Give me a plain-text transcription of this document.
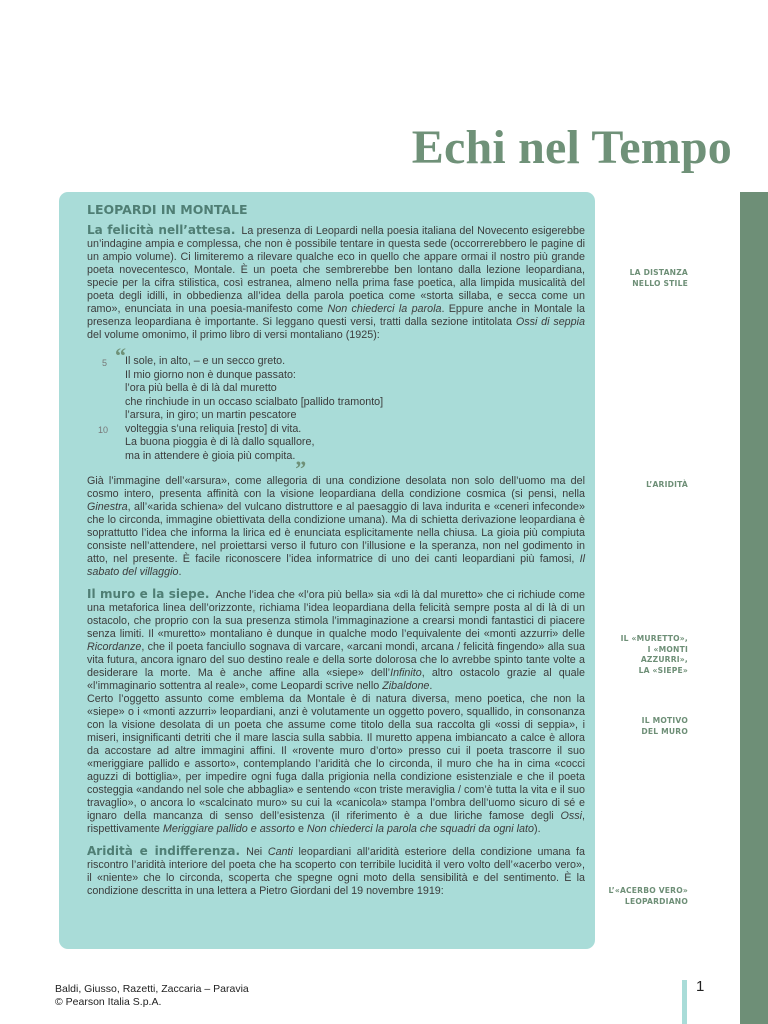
Echi nel Tempo
LEOPARDI IN MONTALE

La felicità nell’attesa. La presenza di Leopardi nella poesia italiana del Novecento esigerebbe un’indagine ampia e complessa, che non è possibile tentare in questa sede (occorrerebbero le pagine di un ampio volume). Ci limiteremo a rilevare qualche eco in quello che appare ormai il nostro più grande poeta novecentesco, Montale. È un poeta che sembrerebbe ben lontano dalla lezione leopardiana, specie per la cifra stilistica, così estranea, almeno nella prima fase poetica, alla limpida musicalità del poeta degli idilli, in obbedienza all’idea della parola poetica come «storta sillaba, e secca come un ramo», enunciata in una poesia-manifesto come Non chiederci la parola. Eppure anche in Montale la presenza leopardiana è importante. Si leggano questi versi, tratti dalla sezione intitolata Ossi di seppia del volume omonimo, il primo libro di versi montaliano (1925):

5
10
“ Il sole, in alto, – e un secco greto.
Il mio giorno non è dunque passato:
l’ora più bella è di là dal muretto
che rinchiude in un occaso scialbato [pallido tramonto]
l’arsura, in giro; un martin pescatore
volteggia s’una reliquia [resto] di vita.
La buona pioggia è di là dallo squallore,
ma in attendere è gioia più compita.„

Già l’immagine dell’«arsura», come allegoria di una condizione desolata non solo dell’uomo ma del cosmo intero, presenta affinità con la visione leopardiana della condizione cosmica (si pensi, nella Ginestra, all’«arida schiena» del vulcano distruttore e al paesaggio di lava indurita e «ceneri infeconde» che lo circonda, immagine obiettivata della condizione umana). Ma di schietta derivazione leopardiana è soprattutto l’idea che informa la lirica ed è enunciata esplicitamente nella chiusa. La gioia più compiuta consiste nell’attendere, nel proiettarsi verso il futuro con l’illusione e la speranza, non nel godimento in atto, nel presente. È facile riconoscere l’idea informatrice di uno dei canti leopardiani più famosi, Il sabato del villaggio.

Il muro e la siepe. Anche l’idea che «l’ora più bella» sia «di là dal muretto» che ci richiude come una metaforica linea dell’orizzonte, richiama l’idea leopardiana della felicità sempre posta al di là di un ostacolo, che proprio con la sua presenza stimola l’immaginazione a crearsi mondi fantastici di piacere senza limiti. Il «muretto» montaliano è dunque in qualche modo l’equivalente dei «monti azzurri» delle Ricordanze, che il poeta fanciullo sognava di varcare, «arcani mondi, arcana / felicità fingendo» alla sua vita futura, ancora ignaro del suo destino reale e della sorte dolorosa che lo avrebbe spinto tante volte a desiderare la morte. Ma è anche affine alla «siepe» dell’Infinito, altro ostacolo grazie al quale «l’immaginario sottentra al reale», come Leopardi scrive nello Zibaldone.

Certo l’oggetto assunto come emblema da Montale è di natura diversa, meno poetica, che non la «siepe» o i «monti azzurri» leopardiani, anzi è volutamente un oggetto povero, squallido, in consonanza con la visione desolata di un poeta che assume come titolo della sua raccolta gli «ossi di seppia», i miseri, insignificanti detriti che il mare lascia sulla sabbia. Il muretto appena imbiancato a calce è allora da accostare ad altre immagini affini. Il «rovente muro d’orto» presso cui il poeta trascorre il suo «meriggiare pallido e assorto», contemplando l’aridità che lo circonda, il muro che ha in cima «cocci aguzzi di bottiglia», per impedire ogni fuga dalla prigionia nella condizione esistenziale e che il poeta costeggia «andando nel sole che abbaglia» e sentendo «con triste meraviglia / com’è tutta la vita e il suo travaglio», o ancora lo «scalcinato muro» su cui la «canicola» stampa l’ombra dell’uomo sicuro di sé e ignaro della mancanza di senso dell’esistenza (il riferimento è a due liriche famose degli Ossi, rispettivamente Meriggiare pallido e assorto e Non chiederci la parola che squadri da ogni lato).

Aridità e indifferenza. Nei Canti leopardiani all’aridità esteriore della condizione umana fa riscontro l’aridità interiore del poeta che ha scoperto con terribile lucidità il vero volto dell’«acerbo vero», il «niente» che lo circonda, scoperta che spegne ogni moto della sensibilità e del sentimento. È la condizione descritta in una lettera a Pietro Giordani del 19 novembre 1919:

LA DISTANZA
NELLO STILE
L’ARIDITÀ
IL «MURETTO»,
I «MONTI
AZZURRI»,
LA «SIEPE»
IL MOTIVO
DEL MURO
L’«ACERBO VERO»
LEOPARDIANO
Baldi, Giusso, Razetti, Zaccaria – Paravia
© Pearson Italia S.p.A.
1
